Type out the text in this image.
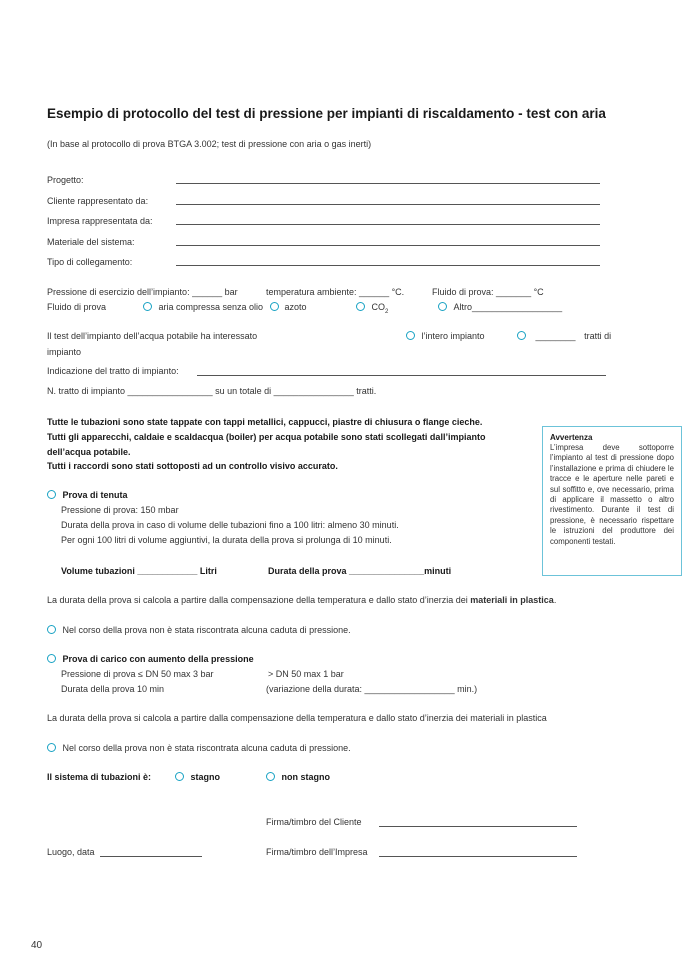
Esempio di protocollo del test di pressione per impianti di riscaldamento - test con aria
(In base al protocollo di prova BTGA 3.002; test di pressione con aria o gas inerti)
Progetto:
Cliente rappresentato da:
Impresa rappresentata da:
Materiale del sistema:
Tipo di collegamento:
Pressione di esercizio dell’impianto: ______ bar	temperatura ambiente: ______ °C.	Fluido di prova: _______ °C
Fluido di prova	aria compressa senza olio	azoto	$CO_2$	Altro__________________
Il test dell’impianto dell’acqua potabile ha interessato
impianto
l’intero impianto	________ tratti di
Indicazione del tratto di impianto:
N. tratto di impianto _________________ su un totale di ________________ tratti.
Tutte le tubazioni sono state tappate con tappi metallici, cappucci, piastre di chiusura o flange cieche.
Tutti gli apparecchi, caldaie e scaldacqua (boiler) per acqua potabile sono stati scollegati dall’impianto
dell’acqua potabile.
Tutti i raccordi sono stati sottoposti ad un controllo visivo accurato.
Avvertenza
L’impresa deve sottoporre l’impianto al test di pressione dopo l’installazione e prima di chiudere le tracce e le aperture nelle pareti e sul soffitto e, ove necessario, prima di applicare il massetto o altro rivestimento. Durante il test di pressione, è necessario rispettare le istruzioni del produttore dei componenti testati.
Prova di tenuta
Pressione di prova: 150 mbar
Durata della prova in caso di volume delle tubazioni fino a 100 litri: almeno 30 minuti.
Per ogni 100 litri di volume aggiuntivi, la durata della prova si prolunga di 10 minuti.
Volume tubazioni ____________ Litri	Durata della prova _______________minuti
La durata della prova si calcola a partire dalla compensazione della temperatura e dallo stato d’inerzia dei materiali in plastica.
Nel corso della prova non è stata riscontrata alcuna caduta di pressione.
Prova di carico con aumento della pressione
Pressione di prova ≤ DN 50 max 3 bar	> DN 50 max 1 bar
Durata della prova 10 min	(variazione della durata: __________________ min.)
La durata della prova si calcola a partire dalla compensazione della temperatura e dallo stato d’inerzia dei materiali in plastica
Nel corso della prova non è stata riscontrata alcuna caduta di pressione.
Il sistema di tubazioni è:	stagno	non stagno
Firma/timbro del Cliente
Luogo, data	Firma/timbro dell’Impresa
40
